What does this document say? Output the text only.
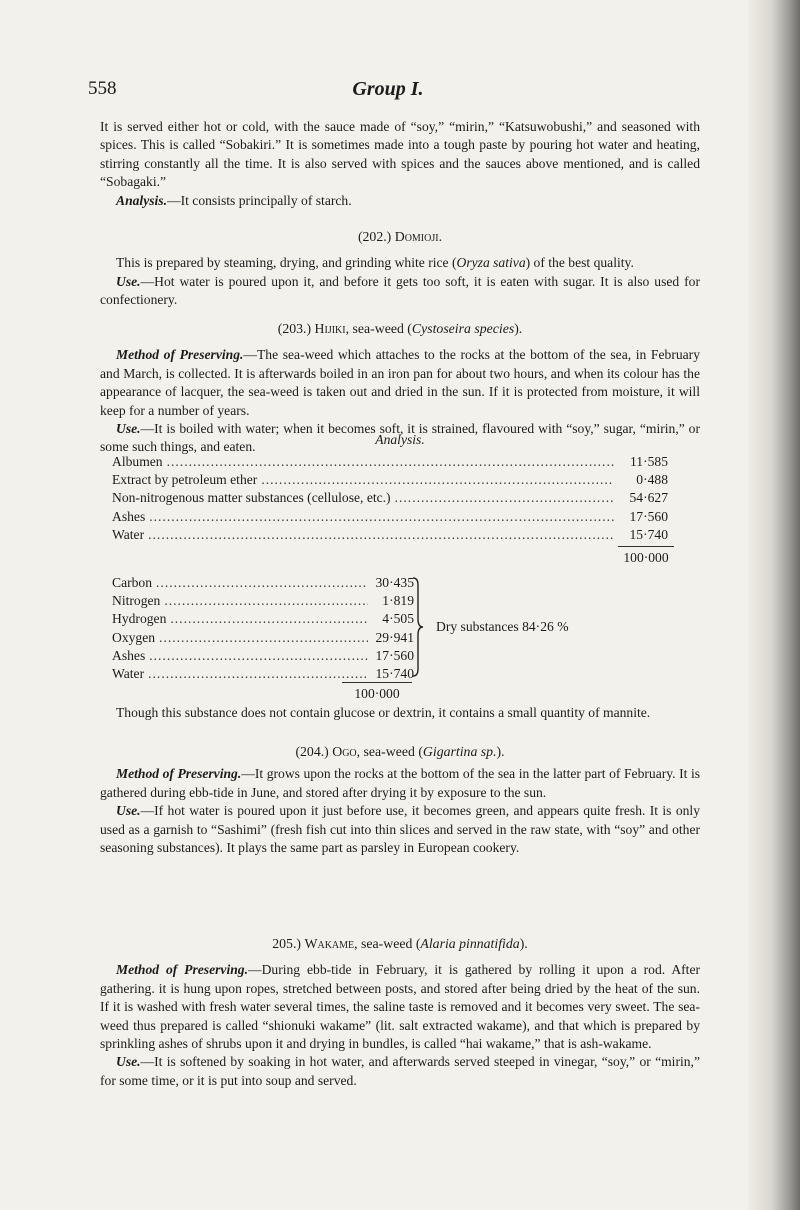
558	Group I.

It is served either hot or cold, with the sauce made of “soy,” “mirin,” “Katsuwobushi,” and seasoned with spices. This is called “Sobakiri.” It is sometimes made into a tough paste by pouring hot water and heating, stirring constantly all the time. It is also served with spices and the sauces above mentioned, and is called “Sobagaki.”

Analysis.—It consists principally of starch.

(202.) Domioji.

This is prepared by steaming, drying, and grinding white rice (Oryza sativa) of the best quality.

Use.—Hot water is poured upon it, and before it gets too soft, it is eaten with sugar. It is also used for confectionery.

(203.) Hijiki, sea-weed (Cystoseira species).

Method of Preserving.—The sea-weed which attaches to the rocks at the bottom of the sea, in February and March, is collected. It is afterwards boiled in an iron pan for about two hours, and when its colour has the appearance of lacquer, the sea-weed is taken out and dried in the sun. If it is protected from moisture, it will keep for a number of years.

Use.—It is boiled with water; when it becomes soft, it is strained, flavoured with “soy,” sugar, “mirin,” or some such things, and eaten.	Analysis.
Albumen .....	11·585
Extract by petroleum ether .....	0·488
Non-nitrogenous matter substances (cellulose, etc.) .....	54·627
Ashes .....	17·560
Water .....	15·740
100·000
Carbon .....	30·435
Nitrogen .....	1·819
Hydrogen .....	4·505
Oxygen .....	29·941
Ashes .....	17·560
Water .....	15·740
Dry substances 84·26 %
100·000

Though this substance does not contain glucose or dextrin, it contains a small quantity of mannite.

(204.) Ogo, sea-weed (Gigartina sp.).

Method of Preserving.—It grows upon the rocks at the bottom of the sea in the latter part of February. It is gathered during ebb-tide in June, and stored after drying it by exposure to the sun.

Use.—If hot water is poured upon it just before use, it becomes green, and appears quite fresh. It is only used as a garnish to “Sashimi” (fresh fish cut into thin slices and served in the raw state, with “soy” and other seasoning substances). It plays the same part as parsley in European cookery.

205.) Wakame, sea-weed (Alaria pinnatifida).

Method of Preserving.—During ebb-tide in February, it is gathered by rolling it upon a rod. After gathering. it is hung upon ropes, stretched between posts, and stored after being dried by the heat of the sun. If it is washed with fresh water several times, the saline taste is removed and it becomes very sweet. The sea-weed thus prepared is called “shionuki wakame” (lit. salt extracted wakame), and that which is prepared by sprinkling ashes of shrubs upon it and drying in bundles, is called “hai wakame,” that is ash-wakame.

Use.—It is softened by soaking in hot water, and afterwards served steeped in vinegar, “soy,” or “mirin,” for some time, or it is put into soup and served.
